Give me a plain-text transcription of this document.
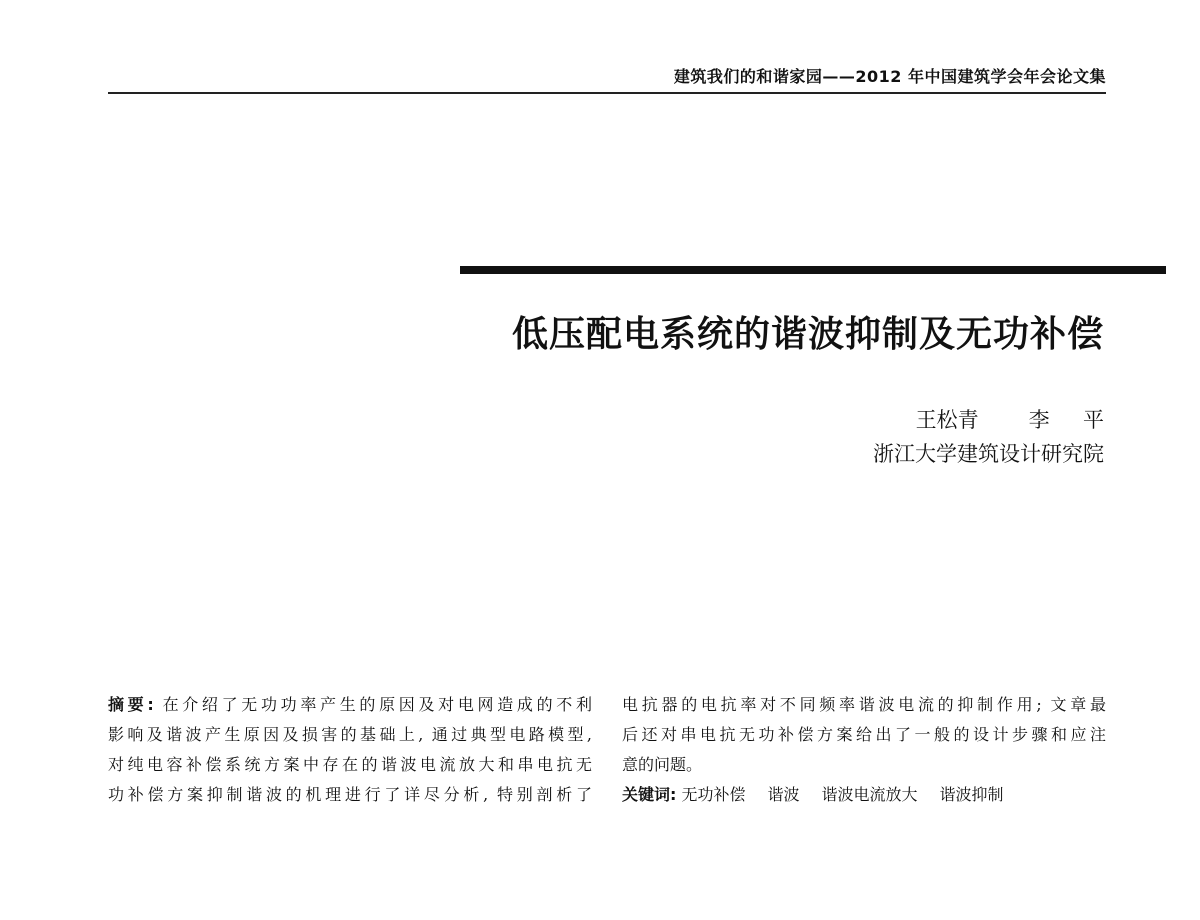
建筑我们的和谐家园——2012 年中国建筑学会年会论文集
低压配电系统的谐波抑制及无功补偿
王松青   李  平
浙江大学建筑设计研究院
摘要: 在介绍了无功功率产生的原因及对电网造成的不利
影响及谐波产生原因及损害的基础上, 通过典型电路模型,
对纯电容补偿系统方案中存在的谐波电流放大和串电抗无
功补偿方案抑制谐波的机理进行了详尽分析, 特别剖析了
电抗器的电抗率对不同频率谐波电流的抑制作用; 文章最
后还对串电抗无功补偿方案给出了一般的设计步骤和应注
意的问题。
关键词: 无功补偿 谐波 谐波电流放大 谐波抑制
